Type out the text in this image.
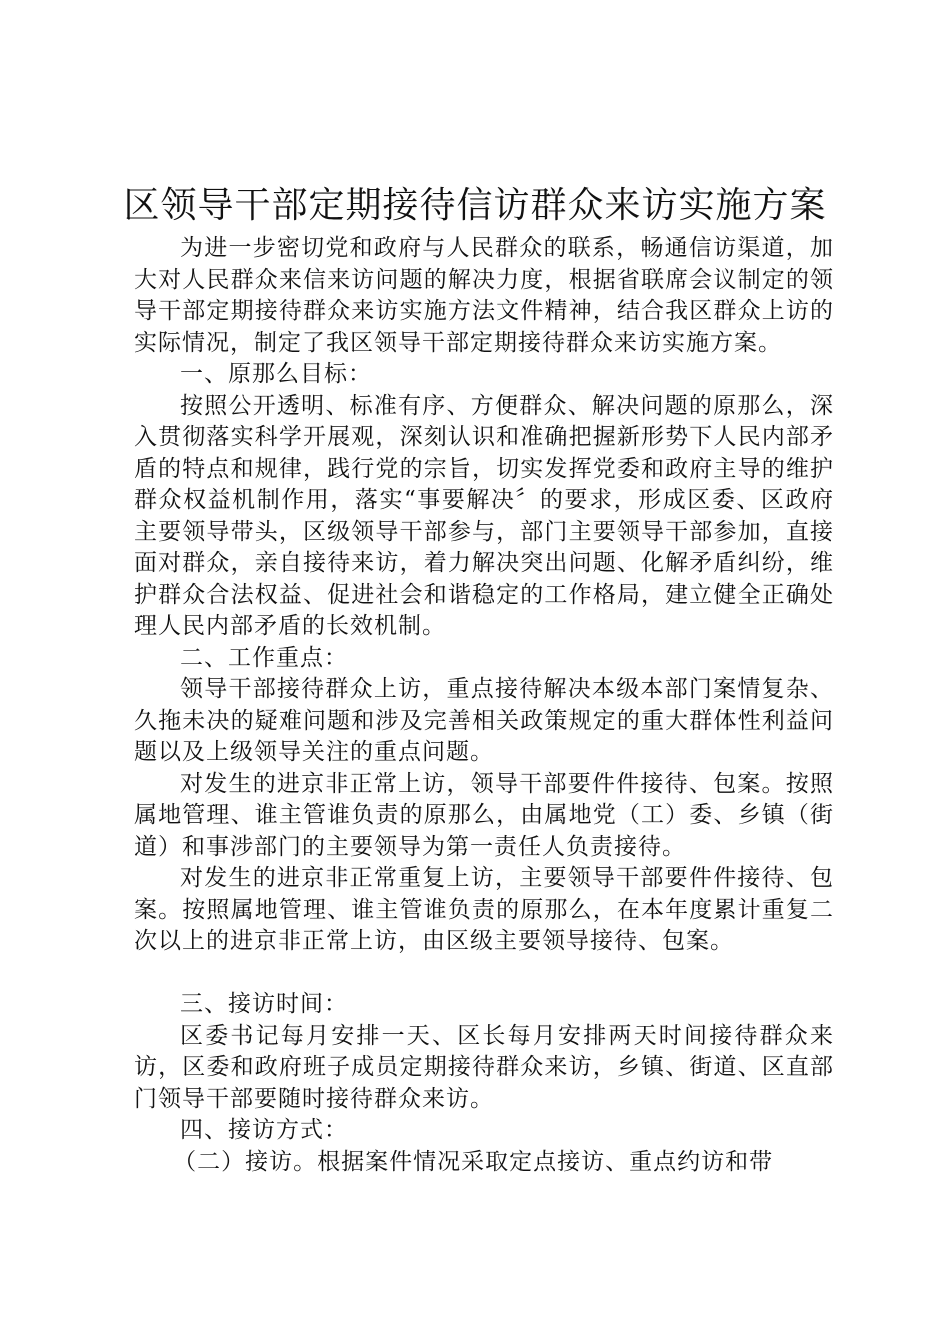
区领导干部定期接待信访群众来访实施方案

为进一步密切党和政府与人民群众的联系，畅通信访渠道，加大对人民群众来信来访问题的解决力度，根据省联席会议制定的领导干部定期接待群众来访实施方法文件精神，结合我区群众上访的实际情况，制定了我区领导干部定期接待群众来访实施方案。

一、原那么目标：

按照公开透明、标准有序、方便群众、解决问题的原那么，深入贯彻落实科学开展观，深刻认识和准确把握新形势下人民内部矛盾的特点和规律，践行党的宗旨，切实发挥党委和政府主导的维护群众权益机制作用，落实“事要解决〞的要求，形成区委、区政府主要领导带头，区级领导干部参与，部门主要领导干部参加，直接面对群众，亲自接待来访，着力解决突出问题、化解矛盾纠纷，维护群众合法权益、促进社会和谐稳定的工作格局，建立健全正确处理人民内部矛盾的长效机制。

二、工作重点：

领导干部接待群众上访，重点接待解决本级本部门案情复杂、久拖未决的疑难问题和涉及完善相关政策规定的重大群体性利益问题以及上级领导关注的重点问题。

对发生的进京非正常上访，领导干部要件件接待、包案。按照属地管理、谁主管谁负责的原那么，由属地党（工）委、乡镇（街道）和事涉部门的主要领导为第一责任人负责接待。

对发生的进京非正常重复上访，主要领导干部要件件接待、包案。按照属地管理、谁主管谁负责的原那么，在本年度累计重复二次以上的进京非正常上访，由区级主要领导接待、包案。

三、接访时间：

区委书记每月安排一天、区长每月安排两天时间接待群众来访，区委和政府班子成员定期接待群众来访，乡镇、街道、区直部门领导干部要随时接待群众来访。

四、接访方式：

（二）接访。根据案件情况采取定点接访、重点约访和带
